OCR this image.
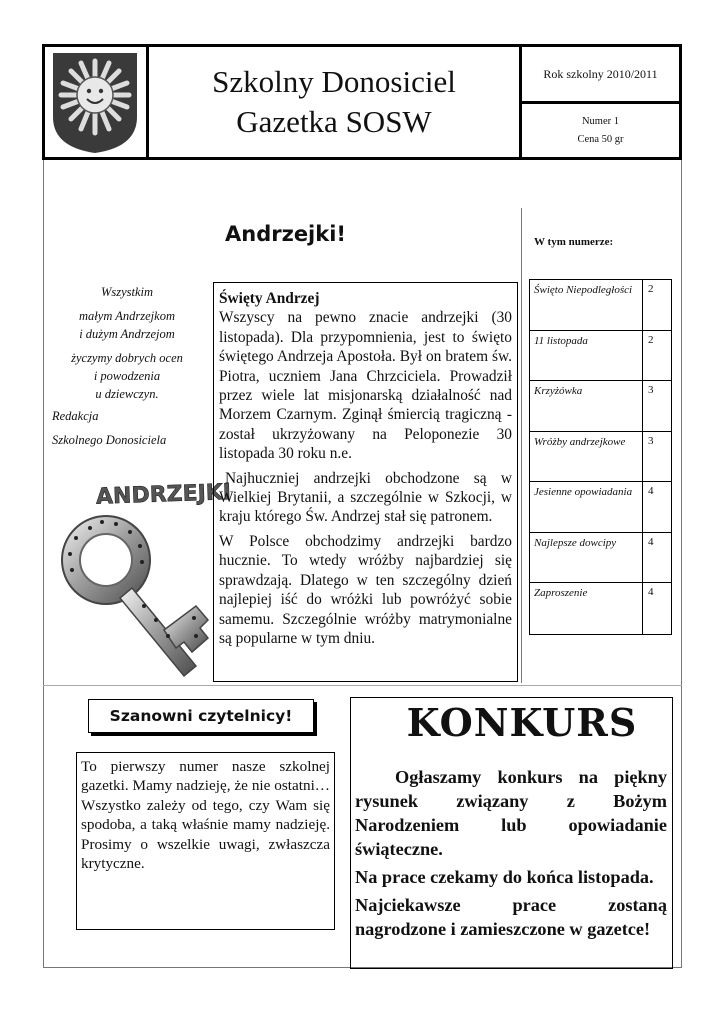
Szkolny Donosiciel
Gazetka SOSW
Rok szkolny 2010/2011
Numer 1
Cena 50 gr
Wszystkim
małym Andrzejkom
i dużym Andrzejom
życzymy dobrych ocen
i powodzenia
u dziewczyn.
Redakcja
Szkolnego Donosiciela
ANDRZEJKI
Andrzejki!

Święty Andrzej

Wszyscy na pewno znacie andrzejki (30 listopada). Dla przypomnienia, jest to święto świętego Andrzeja Apostoła. Był on bratem św. Piotra, uczniem Jana Chrzciciela. Prowadził przez wiele lat misjonarską działalność nad Morzem Czarnym. Zginął śmiercią tragiczną - został ukrzyżowany na Peloponezie 30 listopada 30 roku n.e.

Najhuczniej andrzejki obchodzone są w Wielkiej Brytanii, a szczególnie w Szkocji, w kraju którego Św. Andrzej stał się patronem.

W Polsce obchodzimy andrzejki bardzo hucznie. To wtedy wróżby najbardziej się sprawdzają. Dlatego w ten szczególny dzień najlepiej iść do wróżki lub powróżyć sobie samemu. Szczególnie wróżby matrymonialne są popularne w tym dniu.

W tym numerze:
Święto Niepodległości	2
11 listopada	2
Krzyżówka	3
Wróżby andrzejkowe	3
Jesienne opowiadania	4
Najlepsze dowcipy	4
Zaproszenie	4
Szanowni czytelnicy!
To pierwszy numer nasze szkolnej gazetki. Mamy nadzieję, że nie ostatni… Wszystko zależy od tego, czy Wam się spodoba, a taką właśnie mamy nadzieję. Prosimy o wszelkie uwagi, zwłaszcza krytyczne.
KONKURS

Ogłaszamy konkurs na piękny rysunek związany z Bożym Narodzeniem lub opowiadanie świąteczne.

Na prace czekamy do końca listopada.

Najciekawsze prace zostaną nagrodzone i zamieszczone w gazetce!
